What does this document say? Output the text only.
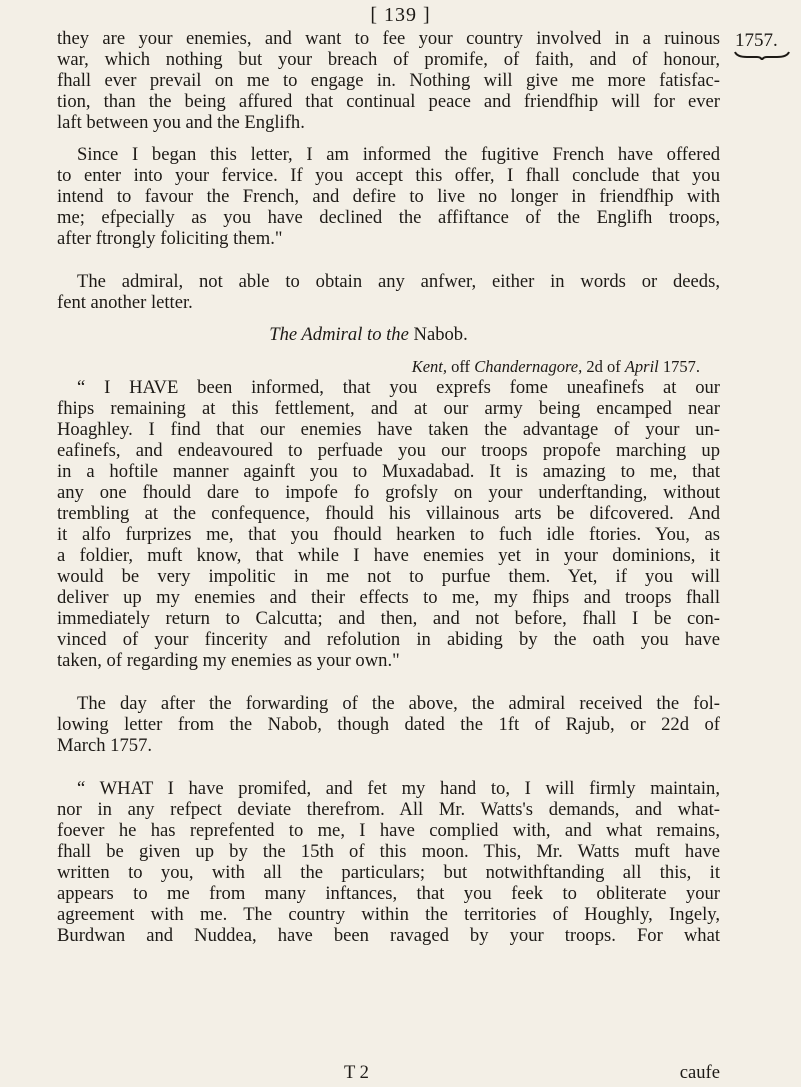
[ 139 ]
1757.
they are your enemies, and want to fee your country involved in a ruinous
war, which nothing but your breach of promife, of faith, and of honour,
fhall ever prevail on me to engage in. Nothing will give me more fatisfac-
tion, than the being affured that continual peace and friendfhip will for ever
laft between you and the Englifh.
Since I began this letter, I am informed the fugitive French have offered
to enter into your fervice. If you accept this offer, I fhall conclude that you
intend to favour the French, and defire to live no longer in friendfhip with
me; efpecially as you have declined the affiftance of the Englifh troops,
after ftrongly foliciting them."
The admiral, not able to obtain any anfwer, either in words or deeds,
fent another letter.
The Admiral to the Nabob.
Kent, off Chandernagore, 2d of April 1757.
“ I HAVE been informed, that you exprefs fome uneafinefs at our
fhips remaining at this fettlement, and at our army being encamped near
Hoaghley. I find that our enemies have taken the advantage of your un-
eafinefs, and endeavoured to perfuade you our troops propofe marching up
in a hoftile manner againft you to Muxadabad. It is amazing to me, that
any one fhould dare to impofe fo grofsly on your underftanding, without
trembling at the confequence, fhould his villainous arts be difcovered. And
it alfo furprizes me, that you fhould hearken to fuch idle ftories. You, as
a foldier, muft know, that while I have enemies yet in your dominions, it
would be very impolitic in me not to purfue them. Yet, if you will
deliver up my enemies and their effects to me, my fhips and troops fhall
immediately return to Calcutta; and then, and not before, fhall I be con-
vinced of your fincerity and refolution in abiding by the oath you have
taken, of regarding my enemies as your own."
The day after the forwarding of the above, the admiral received the fol-
lowing letter from the Nabob, though dated the 1ft of Rajub, or 22d of
March 1757.
“ WHAT I have promifed, and fet my hand to, I will firmly maintain,
nor in any refpect deviate therefrom. All Mr. Watts's demands, and what-
foever he has reprefented to me, I have complied with, and what remains,
fhall be given up by the 15th of this moon. This, Mr. Watts muft have
written to you, with all the particulars; but notwithftanding all this, it
appears to me from many inftances, that you feek to obliterate your
agreement with me. The country within the territories of Houghly, Ingely,
Burdwan and Nuddea, have been ravaged by your troops. For what
T 2	caufe
